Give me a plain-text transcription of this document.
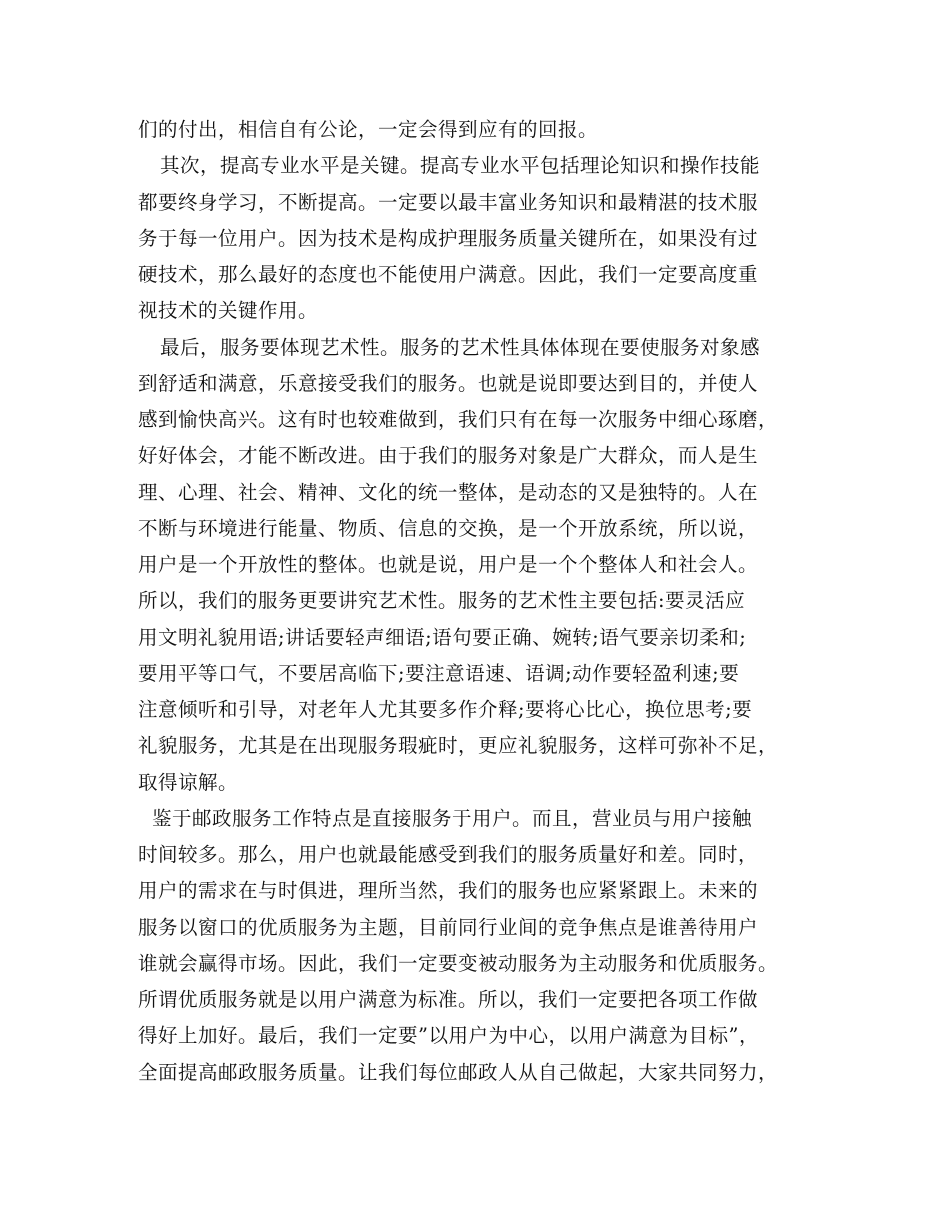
们的付出，相信自有公论，一定会得到应有的回报。
其次，提高专业水平是关键。提高专业水平包括理论知识和操作技能
都要终身学习，不断提高。一定要以最丰富业务知识和最精湛的技术服
务于每一位用户。因为技术是构成护理服务质量关键所在，如果没有过
硬技术，那么最好的态度也不能使用户满意。因此，我们一定要高度重
视技术的关键作用。
最后，服务要体现艺术性。服务的艺术性具体体现在要使服务对象感
到舒适和满意，乐意接受我们的服务。也就是说即要达到目的，并使人
感到愉快高兴。这有时也较难做到，我们只有在每一次服务中细心琢磨，
好好体会，才能不断改进。由于我们的服务对象是广大群众，而人是生
理、心理、社会、精神、文化的统一整体，是动态的又是独特的。人在
不断与环境进行能量、物质、信息的交换，是一个开放系统，所以说，
用户是一个开放性的整体。也就是说，用户是一个个整体人和社会人。
所以，我们的服务更要讲究艺术性。服务的艺术性主要包括:要灵活应
用文明礼貌用语;讲话要轻声细语;语句要正确、婉转;语气要亲切柔和;
要用平等口气，不要居高临下;要注意语速、语调;动作要轻盈利速;要
注意倾听和引导，对老年人尤其要多作介释;要将心比心，换位思考;要
礼貌服务，尤其是在出现服务瑕疵时，更应礼貌服务，这样可弥补不足，
取得谅解。
鉴于邮政服务工作特点是直接服务于用户。而且，营业员与用户接触
时间较多。那么，用户也就最能感受到我们的服务质量好和差。同时，
用户的需求在与时俱进，理所当然，我们的服务也应紧紧跟上。未来的
服务以窗口的优质服务为主题，目前同行业间的竞争焦点是谁善待用户
谁就会赢得市场。因此，我们一定要变被动服务为主动服务和优质服务。
所谓优质服务就是以用户满意为标准。所以，我们一定要把各项工作做
得好上加好。最后，我们一定要”以用户为中心，以用户满意为目标”，
全面提高邮政服务质量。让我们每位邮政人从自己做起，大家共同努力，
